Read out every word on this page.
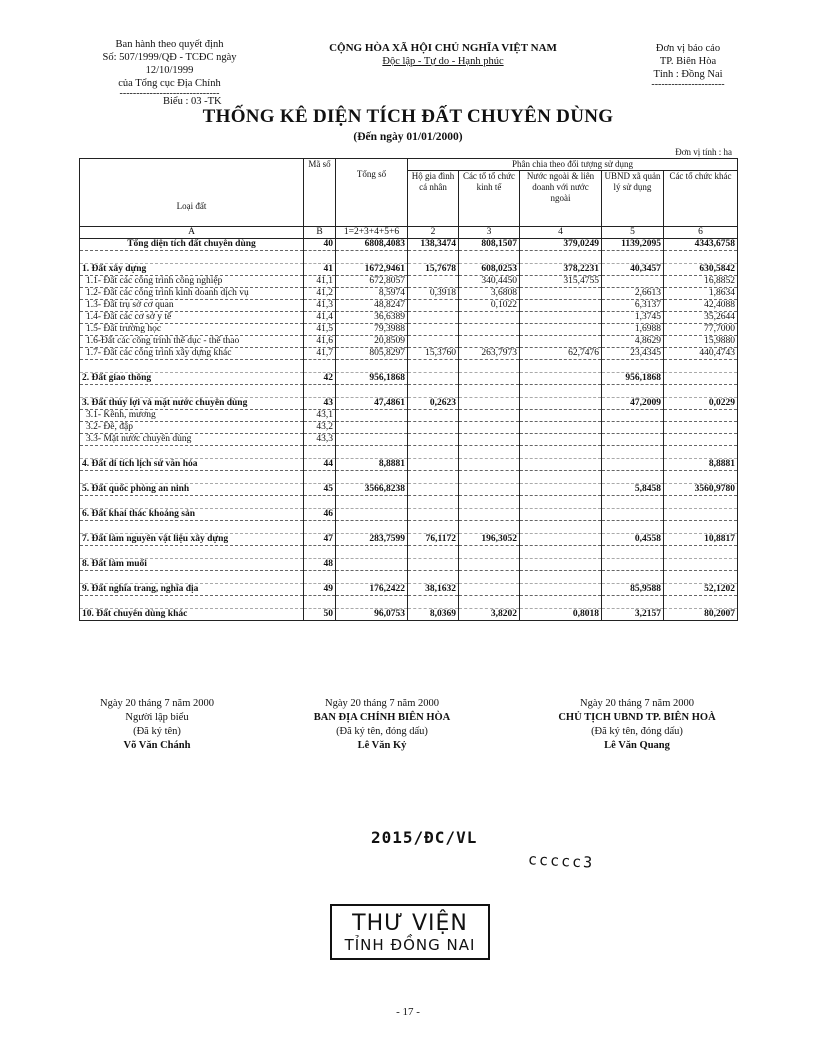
Ban hành theo quyết định
Số: 507/1999/QĐ - TCĐC ngày 12/10/1999
của Tổng cục Địa Chính
------------------------------
CỘNG HÒA XÃ HỘI CHỦ NGHĨA VIỆT NAM
Độc lập - Tự do - Hạnh phúc
Đơn vị báo cáo
TP. Biên Hòa
Tỉnh : Đồng Nai
----------------------
Biểu : 03 -TK
THỐNG KÊ DIỆN TÍCH ĐẤT CHUYÊN DÙNG
(Đến ngày 01/01/2000)
Đơn vị tính : ha
Loại đất	Mã số	Tổng số	Phân chia theo đối tượng sử dụng				
			Hộ gia đình cá nhân	Các tổ tổ chức kinh tế	Nước ngoài & liên doanh với nước ngoài	UBND xã quản lý sử dụng	Các tổ chức khác
A	B	1=2+3+4+5+6	2	3	4	5	6
Tổng diện tích đất chuyên dùng	40	6808,4083	138,3474	808,1507	379,0249	1139,2095	4343,6758

1. Đất xây dựng	41	1672,9461	15,7678	608,0253	378,2231	40,3457	630,5842
1.1- Đất các công trình công nghiệp	41,1	672,8057		340,4450	315,4755		16,8852
1.2- Đất các công trình kinh doanh dịch vụ	41,2	8,5974	0,3918	3,6808		2,6613	1,8634
1.3- Đất trụ sở cơ quan	41,3	48,8247		0,1022		6,3137	42,4088
1.4- Đất các cơ sở y tế	41,4	36,6389				1,3745	35,2644
1.5- Đất trường học	41,5	79,3988				1,6988	77,7000
1.6-Đất các công trình thể dục - thể thao	41,6	20,8509				4,8629	15,9880
1.7- Đất các công trình xây dựng khác	41,7	805,8297	15,3760	263,7973	62,7476	23,4345	440,4743

2. Đất giao thông	42	956,1868				956,1868	

3. Đất thủy lợi và mặt nước chuyên dùng	43	47,4861	0,2623			47,2009	0,0229
3.1- Kênh, mương	43,1						
3.2- Đê, đập	43,2						
3.3- Mặt nước chuyên dùng	43,3						

4. Đất di tích lịch sử văn hóa	44	8,8881					8,8881

5. Đất quốc phòng an ninh	45	3566,8238				5,8458	3560,9780

6. Đất khai thác khoáng sản	46						

7. Đất làm nguyên vật liệu xây dựng	47	283,7599	76,1172	196,3052		0,4558	10,8817

8. Đất làm muối	48						

9. Đất nghĩa trang, nghĩa địa	49	176,2422	38,1632			85,9588	52,1202

10. Đất chuyên dùng khác	50	96,0753	8,0369	3,8202	0,8018	3,2157	80,2007
Ngày 20 tháng 7 năm 2000
Người lập biểu
(Đã ký tên)
Võ Văn Chánh
Ngày 20 tháng 7 năm 2000
BAN ĐỊA CHÍNH BIÊN HÒA
(Đã ký tên, đóng dấu)
Lê Văn Kỷ
Ngày 20 tháng 7 năm 2000
CHỦ TỊCH UBND TP. BIÊN HOÀ
(Đã ký tên, đóng dấu)
Lê Văn Quang
2015/ĐC/VL
ccccc3
THƯ VIỆN
TỈNH ĐỒNG NAI
- 17 -
